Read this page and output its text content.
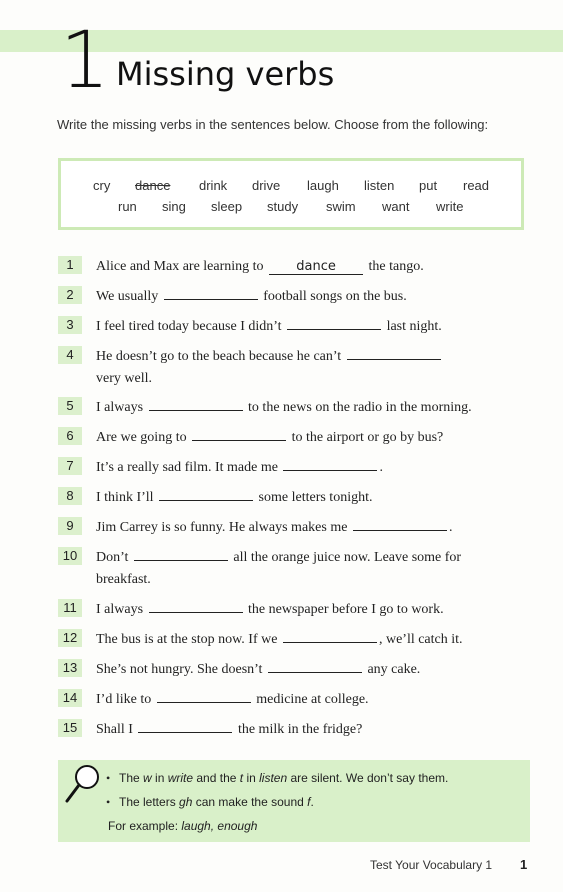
1 Missing verbs
Write the missing verbs in the sentences below. Choose from the following:
cry dance drink drive laugh listen put read
run sing sleep study swim want write
1	Alice and Max are learning to	dance the tango.
2	We usually	football songs on the bus.
3	I feel tired today because I didn’t	last night.
4	He doesn’t go to the beach because he can’t
very well.
5	I always	to the news on the radio in the morning.
6	Are we going to	to the airport or go by bus?
7	It’s a really sad film. It made me	.
8	I think I’ll	some letters tonight.
9	Jim Carrey is so funny. He always makes me	.
10	Don’t	all the orange juice now. Leave some for breakfast.
11	I always	the newspaper before I go to work.
12	The bus is at the stop now. If we	, we’ll catch it.
13	She’s not hungry. She doesn’t	any cake.
14	I’d like to	medicine at college.
15	Shall I	the milk in the fridge?
• The w in write and the t in listen are silent. We don’t say them.
• The letters gh can make the sound f.
For example: laugh, enough
Test Your Vocabulary 1 1
